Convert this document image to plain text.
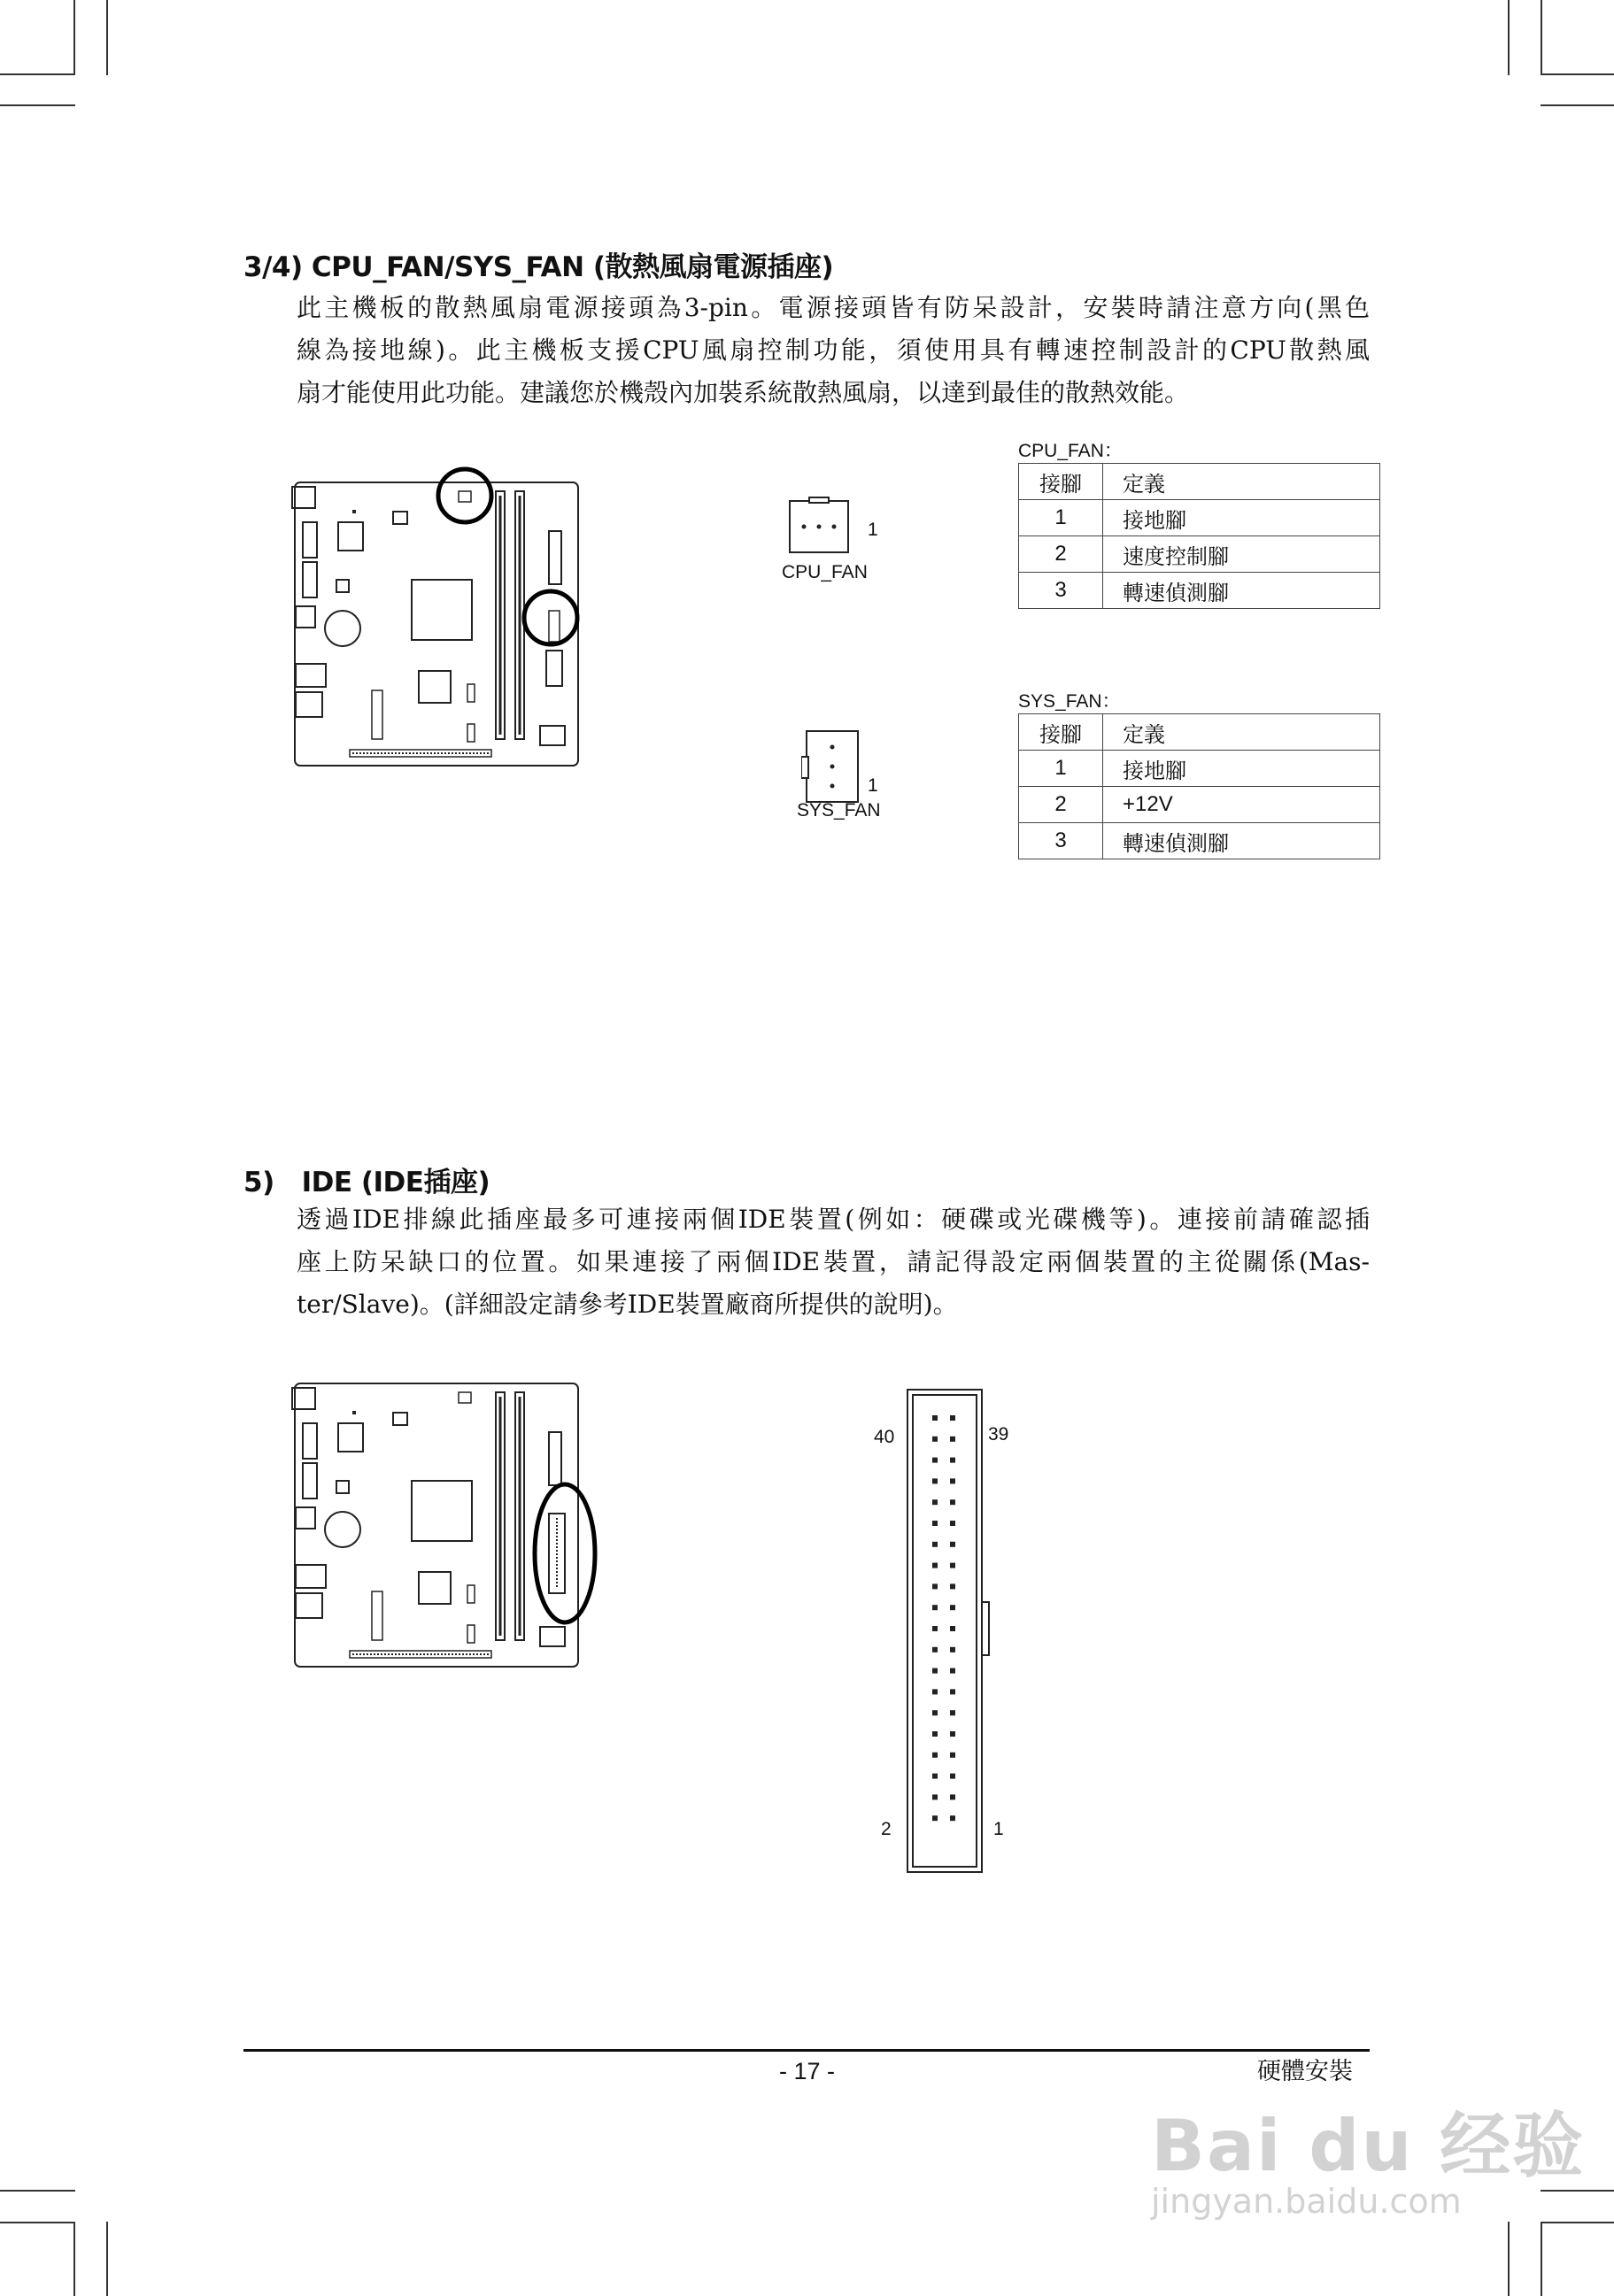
3/4) CPU_FAN/SYS_FAN (散熱風扇電源插座)
此主機板的散熱風扇電源接頭為3-pin。電源接頭皆有防呆設計，安裝時請注意方向(黑色
線為接地線)。此主機板支援CPU風扇控制功能，須使用具有轉速控制設計的CPU散熱風
扇才能使用此功能。建議您於機殼內加裝系統散熱風扇，以達到最佳的散熱效能。
1
CPU_FAN
1
SYS_FAN
CPU_FAN：
接腳	定義
1	接地腳
2	速度控制腳
3	轉速偵測腳
SYS_FAN：
接腳	定義
1	接地腳
2	+12V
3	轉速偵測腳
5)   IDE (IDE插座)
透過IDE排線此插座最多可連接兩個IDE裝置(例如：硬碟或光碟機等)。連接前請確認插
座上防呆缺口的位置。如果連接了兩個IDE裝置，請記得設定兩個裝置的主從關係(Mas-
ter/Slave)。(詳細設定請參考IDE裝置廠商所提供的說明)。
40	39
2	1
- 17 -	硬體安裝
Bai du 经验
jingyan.baidu.com
